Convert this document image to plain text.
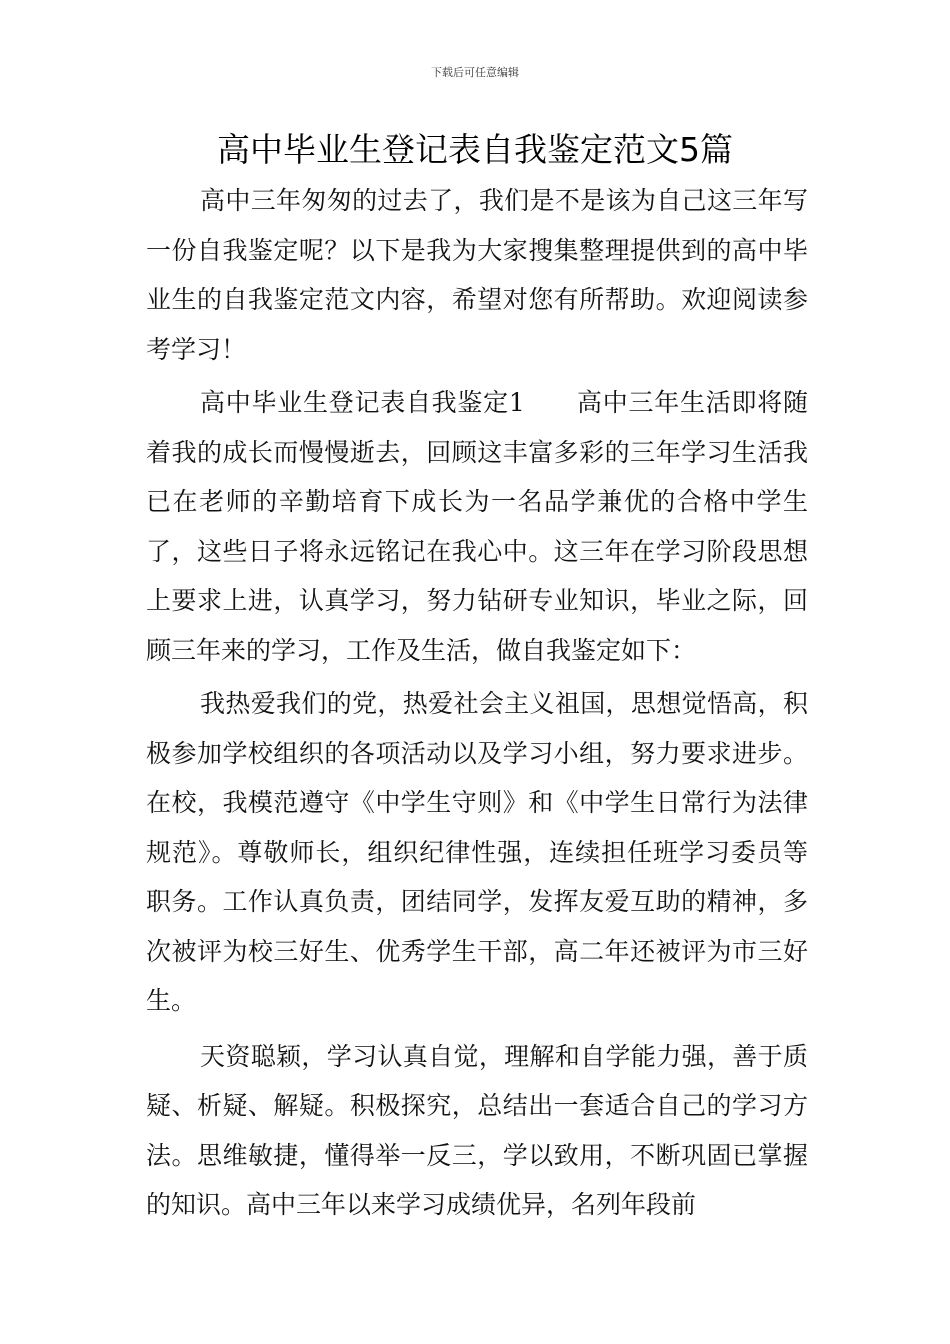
下载后可任意编辑
高中毕业生登记表自我鉴定范文5篇

高中三年匆匆的过去了，我们是不是该为自己这三年写一份自我鉴定呢？以下是我为大家搜集整理提供到的高中毕业生的自我鉴定范文内容，希望对您有所帮助。欢迎阅读参考学习！

高中毕业生登记表自我鉴定1　　高中三年生活即将随着我的成长而慢慢逝去，回顾这丰富多彩的三年学习生活我已在老师的辛勤培育下成长为一名品学兼优的合格中学生了，这些日子将永远铭记在我心中。这三年在学习阶段思想上要求上进，认真学习，努力钻研专业知识，毕业之际，回顾三年来的学习，工作及生活，做自我鉴定如下：

我热爱我们的党，热爱社会主义祖国，思想觉悟高，积极参加学校组织的各项活动以及学习小组，努力要求进步。在校，我模范遵守《中学生守则》和《中学生日常行为法律规范》。尊敬师长，组织纪律性强，连续担任班学习委员等职务。工作认真负责，团结同学，发挥友爱互助的精神，多次被评为校三好生、优秀学生干部，高二年还被评为市三好生。

天资聪颖，学习认真自觉，理解和自学能力强，善于质疑、析疑、解疑。积极探究，总结出一套适合自己的学习方法。思维敏捷，懂得举一反三，学以致用，不断巩固已掌握的知识。高中三年以来学习成绩优异，名列年段前
